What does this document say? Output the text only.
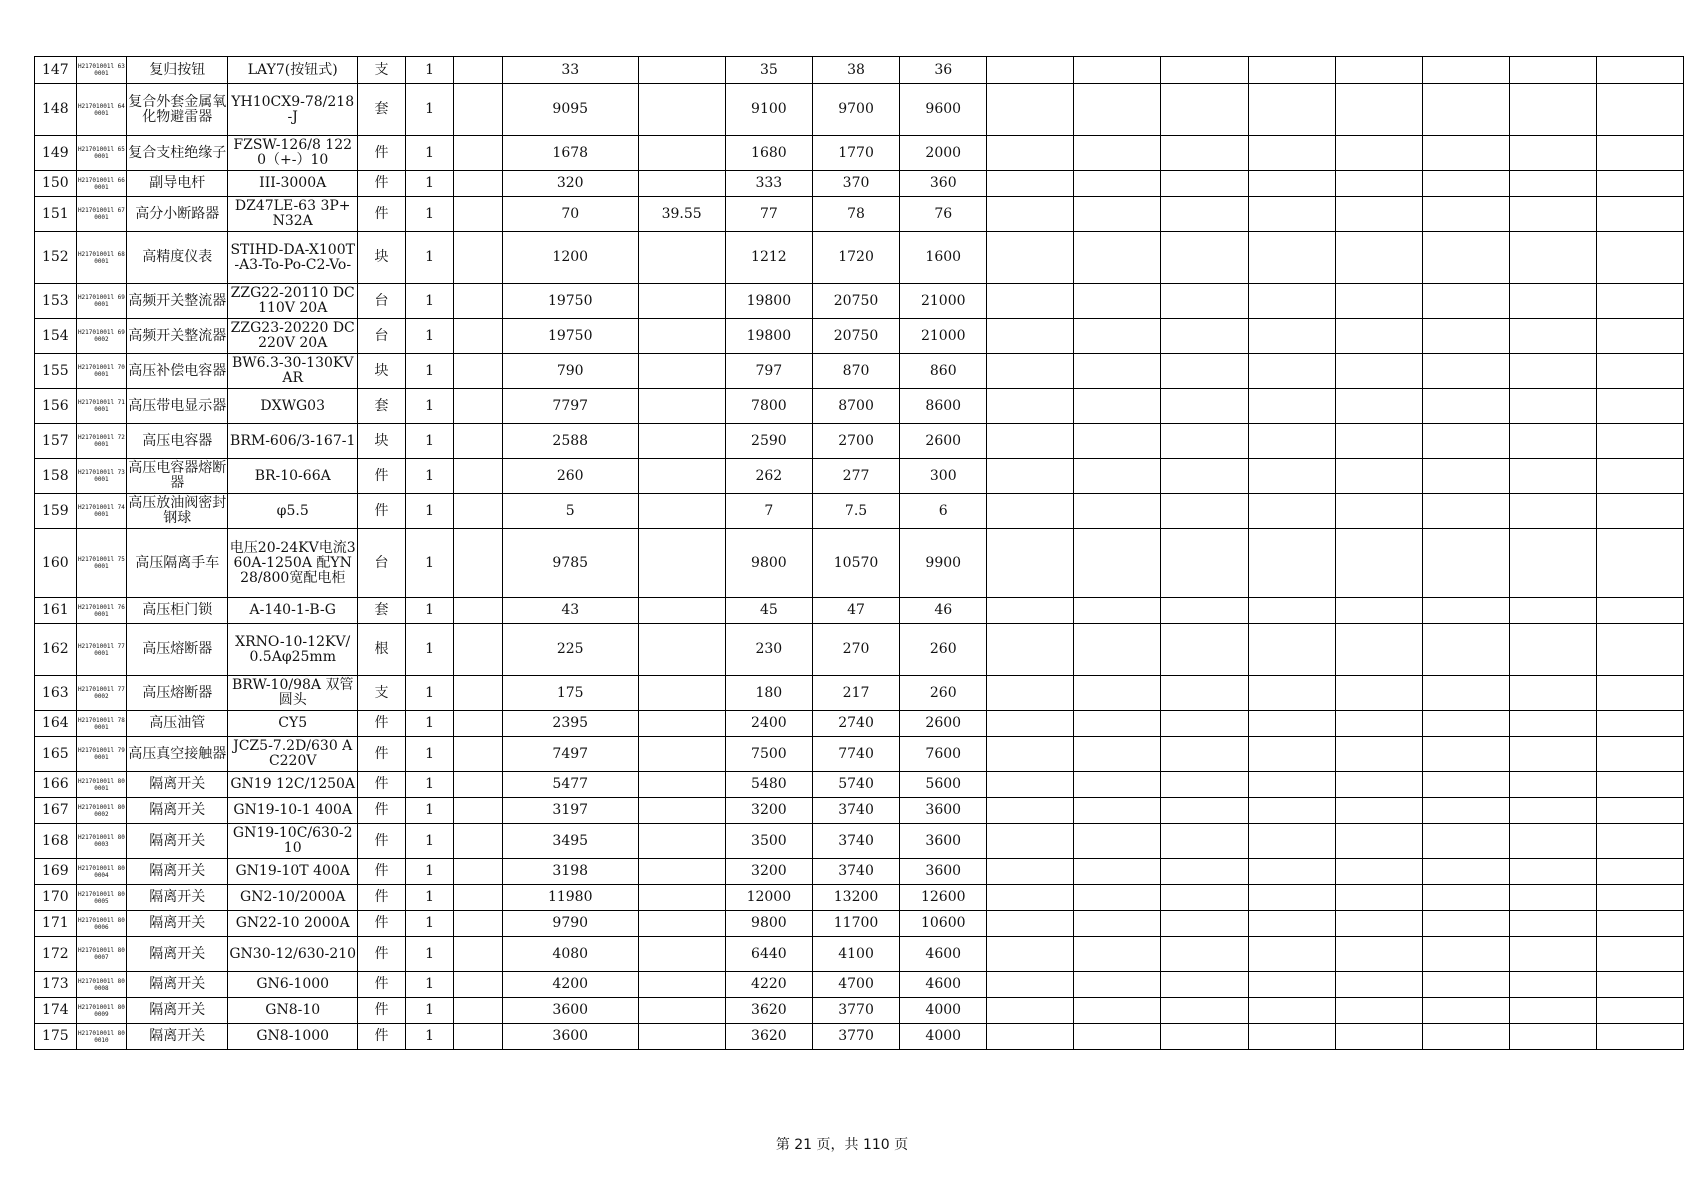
147	H21701001l 630001	复归按钮	LAY7(按钮式)	支	1		33		35	38	36								
148	H21701001l 640001	复合外套金属氧化物避雷器	YH10CX9-78/218-J	套	1		9095		9100	9700	9600								
149	H21701001l 650001	复合支柱绝缘子	FZSW-126/8 1220（+-）10	件	1		1678		1680	1770	2000								
150	H21701001l 660001	副导电杆	III-3000A	件	1		320		333	370	360								
151	H21701001l 670001	高分小断路器	DZ47LE-63 3P+N32A	件	1		70	39.55	77	78	76								
152	H21701001l 680001	高精度仪表	STIHD-DA-X100T-A3-To-Po-C2-Vo-	块	1		1200		1212	1720	1600								
153	H21701001l 690001	高频开关整流器	ZZG22-20110 DC110V 20A	台	1		19750		19800	20750	21000								
154	H21701001l 690002	高频开关整流器	ZZG23-20220 DC220V 20A	台	1		19750		19800	20750	21000								
155	H21701001l 700001	高压补偿电容器	BW6.3-30-130KVAR	块	1		790		797	870	860								
156	H21701001l 710001	高压带电显示器	DXWG03	套	1		7797		7800	8700	8600								
157	H21701001l 720001	高压电容器	BRM-606/3-167-1	块	1		2588		2590	2700	2600								
158	H21701001l 730001	高压电容器熔断器	BR-10-66A	件	1		260		262	277	300								
159	H21701001l 740001	高压放油阀密封钢球	φ5.5	件	1		5		7	7.5	6								
160	H21701001l 750001	高压隔离手车	电压20-24KV电流360A-1250A 配YN28/800宽配电柜	台	1		9785		9800	10570	9900								
161	H21701001l 760001	高压柜门锁	A-140-1-B-G	套	1		43		45	47	46								
162	H21701001l 770001	高压熔断器	XRNO-10-12KV/0.5Aφ25mm	根	1		225		230	270	260								
163	H21701001l 770002	高压熔断器	BRW-10/98A 双管圆头	支	1		175		180	217	260								
164	H21701001l 780001	高压油管	CY5	件	1		2395		2400	2740	2600								
165	H21701001l 790001	高压真空接触器	JCZ5-7.2D/630 AC220V	件	1		7497		7500	7740	7600								
166	H21701001l 800001	隔离开关	GN19 12C/1250A	件	1		5477		5480	5740	5600								
167	H21701001l 800002	隔离开关	GN19-10-1 400A	件	1		3197		3200	3740	3600								
168	H21701001l 800003	隔离开关	GN19-10C/630-210	件	1		3495		3500	3740	3600								
169	H21701001l 800004	隔离开关	GN19-10T 400A	件	1		3198		3200	3740	3600								
170	H21701001l 800005	隔离开关	GN2-10/2000A	件	1		11980		12000	13200	12600								
171	H21701001l 800006	隔离开关	GN22-10 2000A	件	1		9790		9800	11700	10600								
172	H21701001l 800007	隔离开关	GN30-12/630-210	件	1		4080		6440	4100	4600								
173	H21701001l 800008	隔离开关	GN6-1000	件	1		4200		4220	4700	4600								
174	H21701001l 800009	隔离开关	GN8-10	件	1		3600		3620	3770	4000								
175	H21701001l 800010	隔离开关	GN8-1000	件	1		3600		3620	3770	4000								
第 21 页，共 110 页
